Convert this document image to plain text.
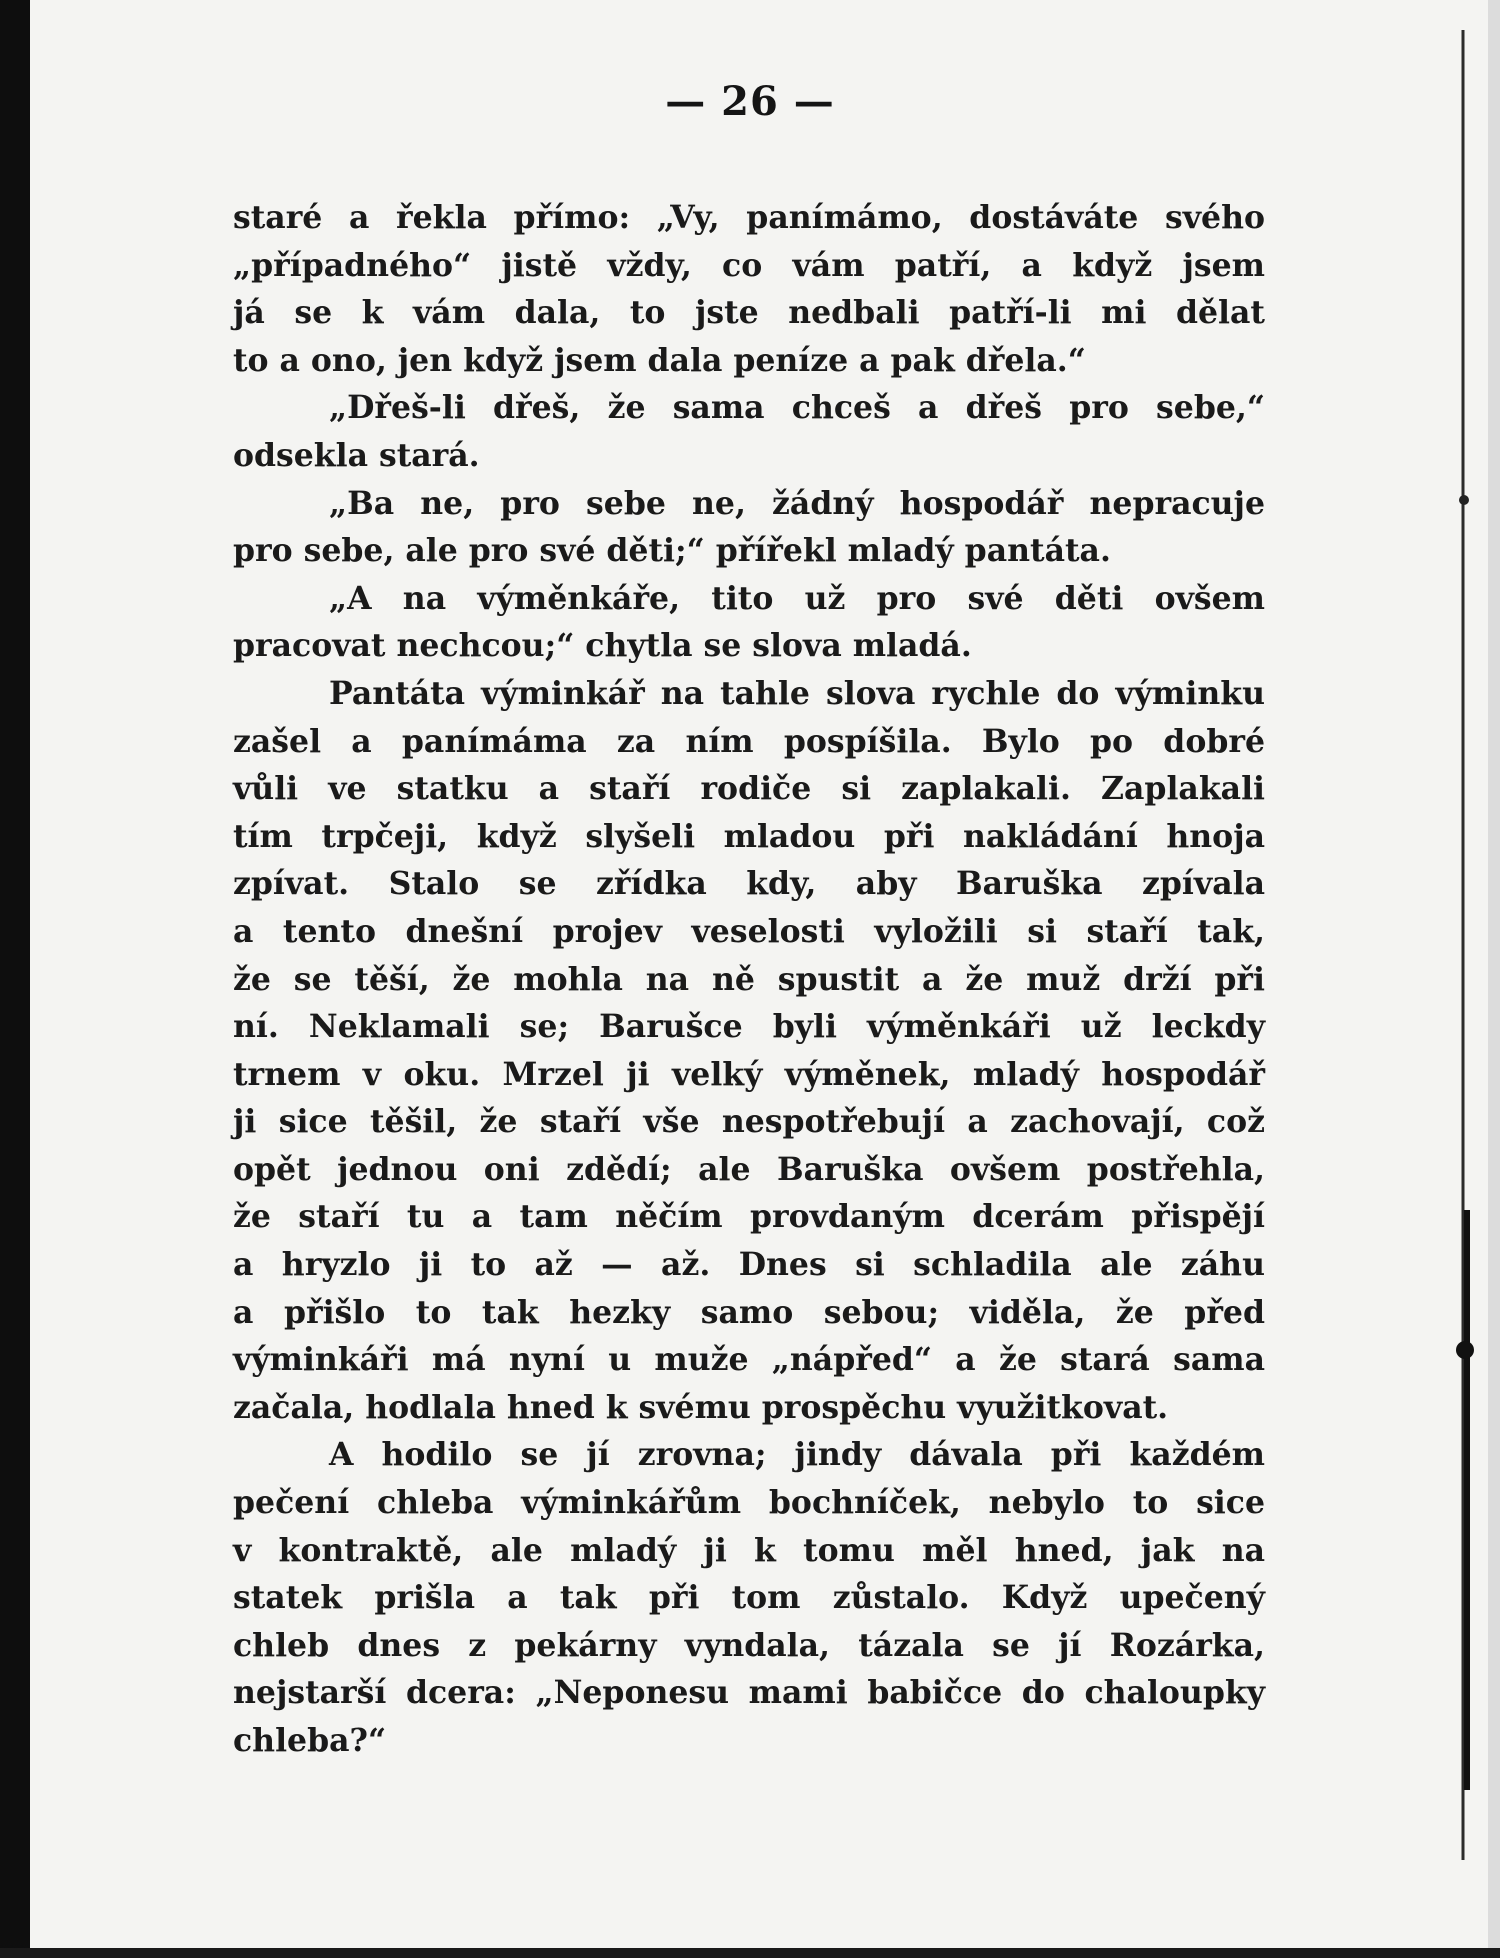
— 26 —
staré a řekla přímo: „Vy, panímámo, dostáváte svého
„případného“ jistě vždy, co vám patří, a když jsem
já se k vám dala, to jste nedbali patří-li mi dělat
to a ono, jen když jsem dala peníze a pak dřela.“
„Dřeš-li dřeš, že sama chceš a dřeš pro sebe,“
odsekla stará.
„Ba ne, pro sebe ne, žádný hospodář nepracuje
pro sebe, ale pro své děti;“ přířekl mladý pantáta.
„A na výměnkáře, tito už pro své děti ovšem
pracovat nechcou;“ chytla se slova mladá.
Pantáta výminkář na tahle slova rychle do výminku
zašel a panímáma za ním pospíšila. Bylo po dobré
vůli ve statku a staří rodiče si zaplakali. Zaplakali
tím trpčeji, když slyšeli mladou při nakládání hnoja
zpívat. Stalo se zřídka kdy, aby Baruška zpívala
a tento dnešní projev veselosti vyložili si staří tak,
že se těší, že mohla na ně spustit a že muž drží při
ní. Neklamali se; Barušce byli výměnkáři už leckdy
trnem v oku. Mrzel ji velký výměnek, mladý hospodář
ji sice těšil, že staří vše nespotřebují a zachovají, což
opět jednou oni zdědí; ale Baruška ovšem postřehla,
že staří tu a tam něčím provdaným dcerám přispějí
a hryzlo ji to až — až. Dnes si schladila ale záhu
a přišlo to tak hezky samo sebou; viděla, že před
výminkáři má nyní u muže „nápřed“ a že stará sama
začala, hodlala hned k svému prospěchu využitkovat.
A hodilo se jí zrovna; jindy dávala při každém
pečení chleba výminkářům bochníček, nebylo to sice
v kontraktě, ale mladý ji k tomu měl hned, jak na
statek prišla a tak při tom zůstalo. Když upečený
chleb dnes z pekárny vyndala, tázala se jí Rozárka,
nejstarší dcera: „Neponesu mami babičce do chaloupky
chleba?“
